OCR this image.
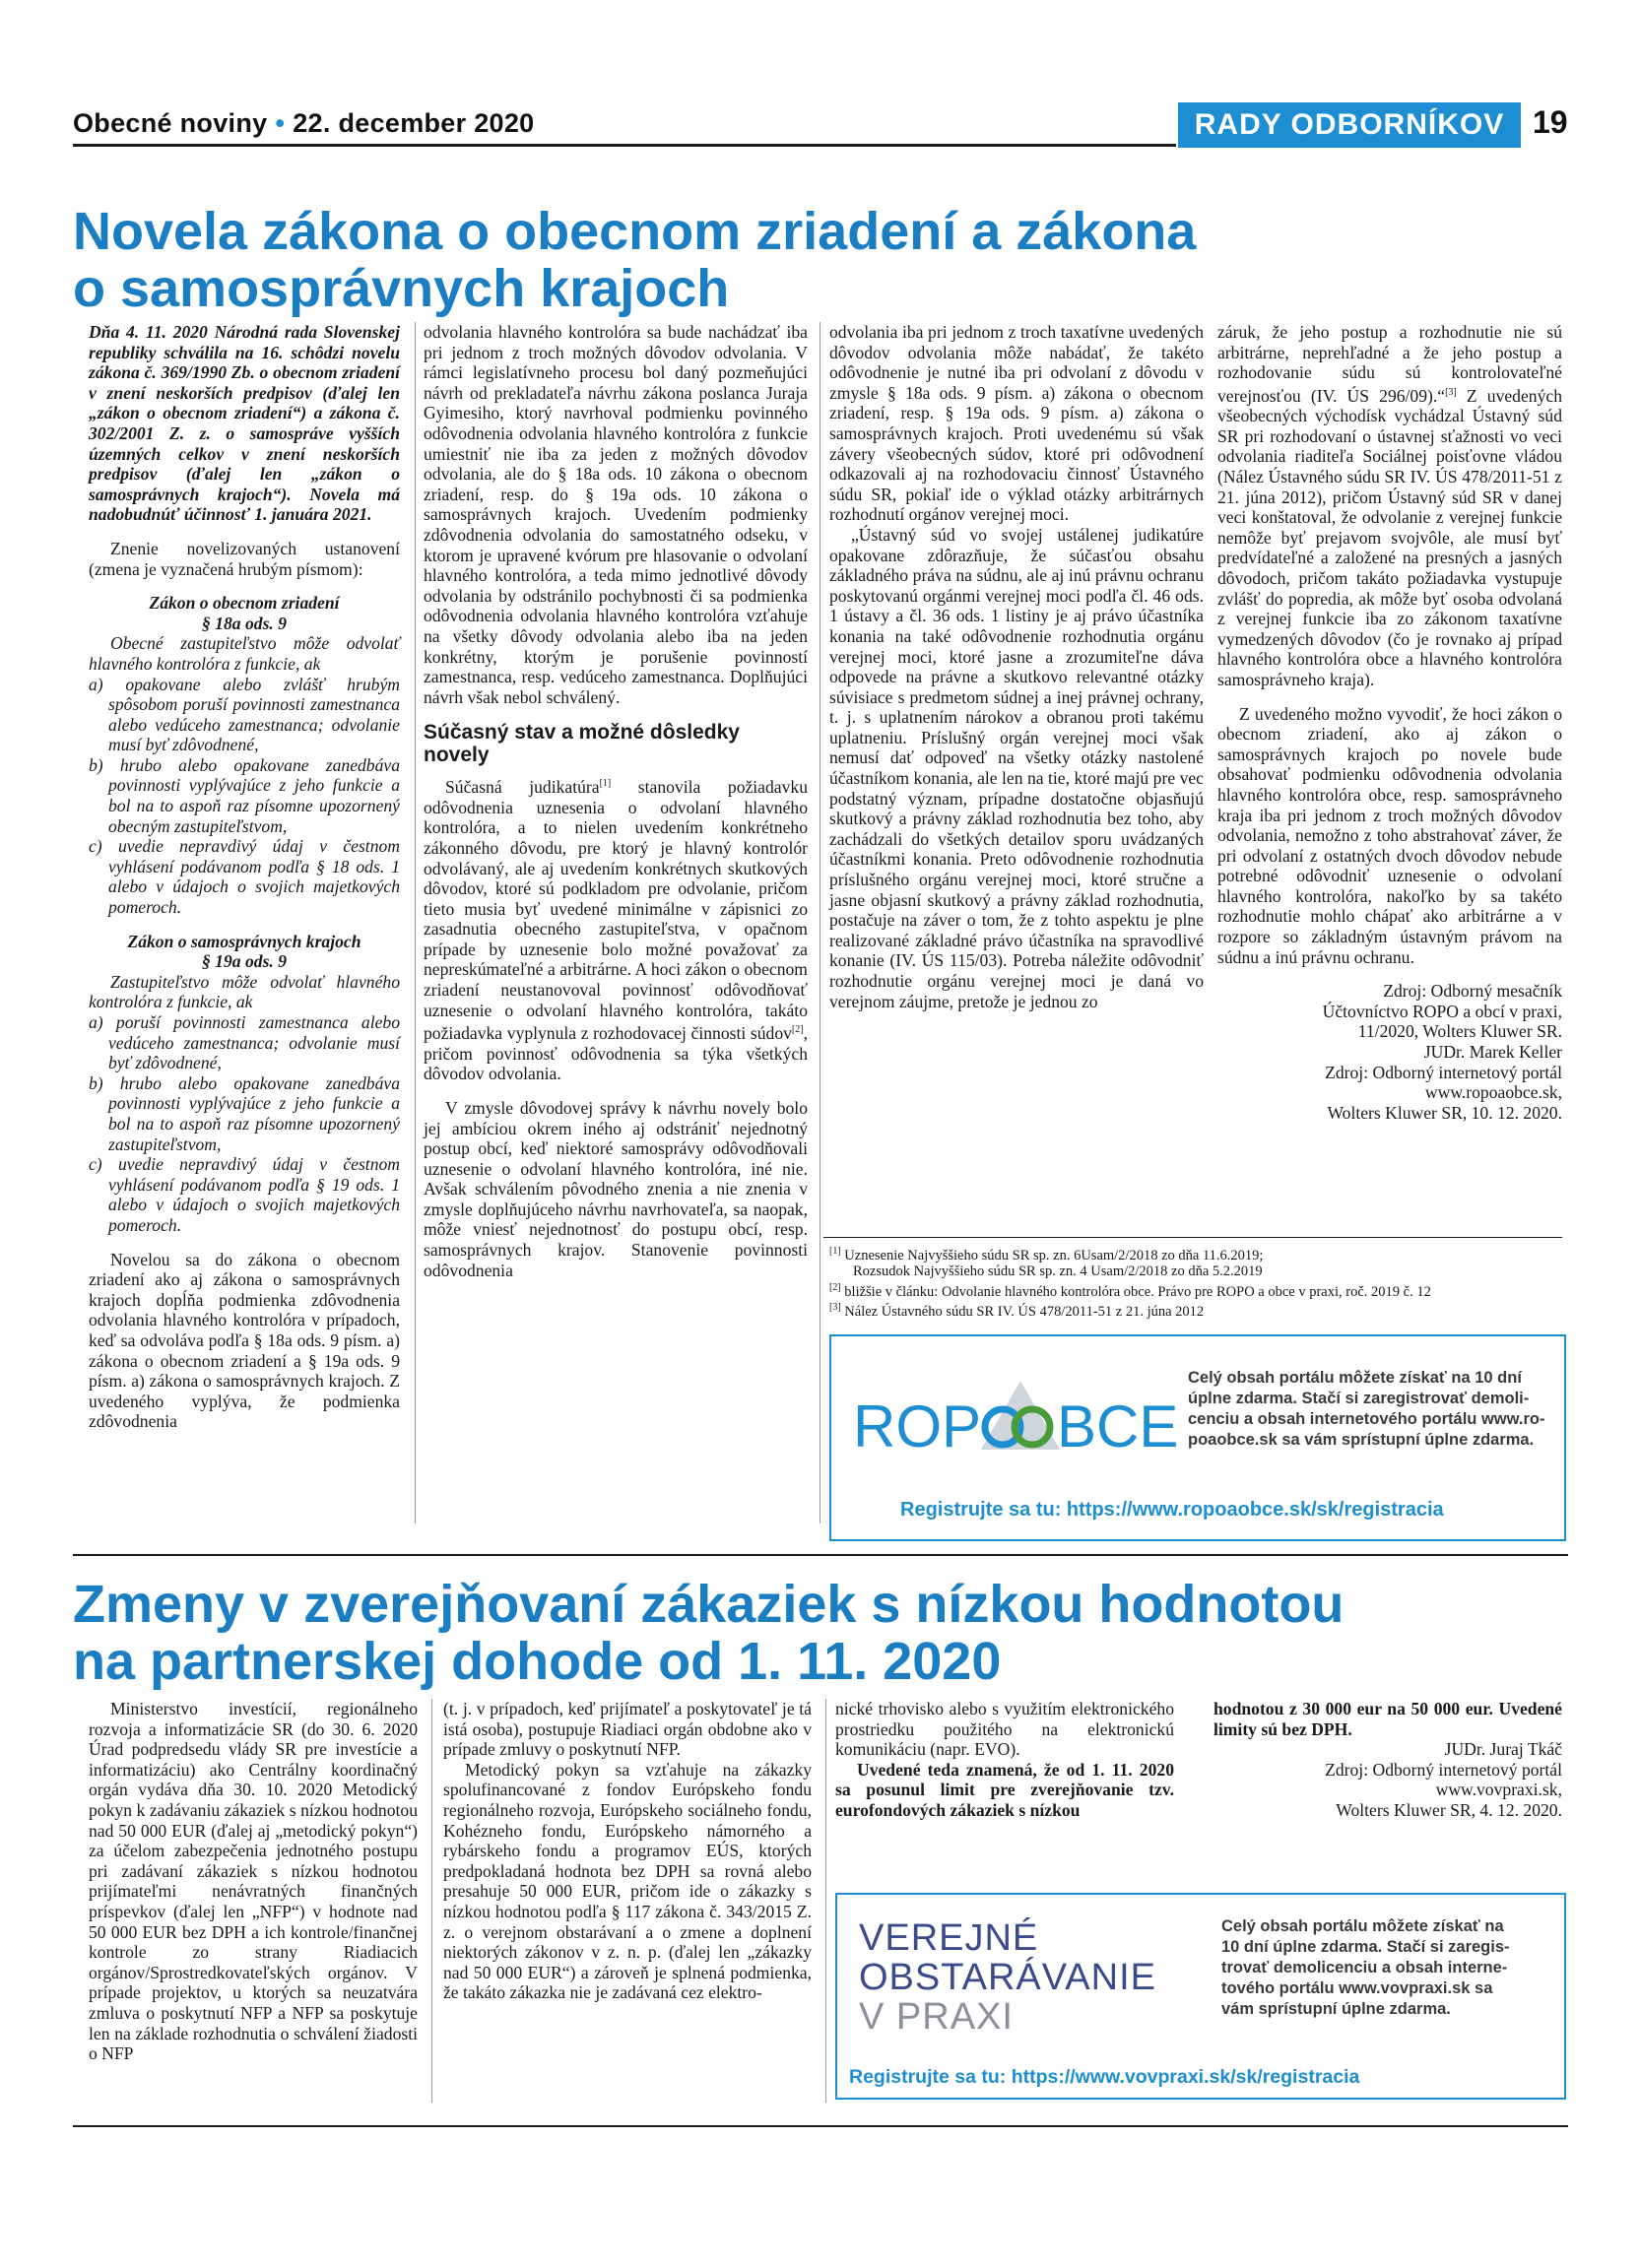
Obecné noviny • 22. december 2020	RADY ODBORNÍKOV 19
Novela zákona o obecnom zriadení a zákona
o samosprávnych krajoch

Dňa 4. 11. 2020 Národná rada Slovenskej republiky schválila na 16. schôdzi novelu zákona č. 369/1990 Zb. o obecnom zriadení v znení neskorších predpisov (ďalej len „zákon o obecnom zriadení“) a zákona č. 302/2001 Z. z. o samospráve vyšších územných celkov v znení neskorších predpisov (ďalej len „zákon o samosprávnych krajoch“). Novela má nadobudnúť účinnosť 1. januára 2021.

Znenie novelizovaných ustanovení (zmena je vyznačená hrubým písmom):

Zákon o obecnom zriadení

§ 18a ods. 9

Obecné zastupiteľstvo môže odvolať hlavného kontrolóra z funkcie, ak

a) opakovane alebo zvlášť hrubým spôsobom poruší povinnosti zamestnanca alebo vedúceho zamestnanca; odvolanie musí byť zdôvodnené,

b) hrubo alebo opakovane zanedbáva povinnosti vyplývajúce z jeho funkcie a bol na to aspoň raz písomne upozornený obecným zastupiteľstvom,

c) uvedie nepravdivý údaj v čestnom vyhlásení podávanom podľa § 18 ods. 1 alebo v údajoch o svojich majetkových pomeroch.

Zákon o samosprávnych krajoch

§ 19a ods. 9

Zastupiteľstvo môže odvolať hlavného kontrolóra z funkcie, ak

a) poruší povinnosti zamestnanca alebo vedúceho zamestnanca; odvolanie musí byť zdôvodnené,

b) hrubo alebo opakovane zanedbáva povinnosti vyplývajúce z jeho funkcie a bol na to aspoň raz písomne upozornený zastupiteľstvom,

c) uvedie nepravdivý údaj v čestnom vyhlásení podávanom podľa § 19 ods. 1 alebo v údajoch o svojich majetkových pomeroch.

Novelou sa do zákona o obecnom zriadení ako aj zákona o samosprávnych krajoch dopĺňa podmienka zdôvodnenia odvolania hlavného kontrolóra v prípadoch, keď sa odvoláva podľa § 18a ods. 9 písm. a) zákona o obecnom zriadení a § 19a ods. 9 písm. a) zákona o samosprávnych krajoch. Z uvedeného vyplýva, že podmienka zdôvodnenia

odvolania hlavného kontrolóra sa bude nachádzať iba pri jednom z troch možných dôvodov odvolania. V rámci legislatívneho procesu bol daný pozmeňujúci návrh od prekladateľa návrhu zákona poslanca Juraja Gyimesiho, ktorý navrhoval podmienku povinného odôvodnenia odvolania hlavného kontrolóra z funkcie umiestniť nie iba za jeden z možných dôvodov odvolania, ale do § 18a ods. 10 zákona o obecnom zriadení, resp. do § 19a ods. 10 zákona o samosprávnych krajoch. Uvedením podmienky zdôvodnenia odvolania do samostatného odseku, v ktorom je upravené kvórum pre hlasovanie o odvolaní hlavného kontrolóra, a teda mimo jednotlivé dôvody odvolania by odstránilo pochybnosti či sa podmienka odôvodnenia odvolania hlavného kontrolóra vzťahuje na všetky dôvody odvolania alebo iba na jeden konkrétny, ktorým je porušenie povinností zamestnanca, resp. vedúceho zamestnanca. Doplňujúci návrh však nebol schválený.

Súčasný stav a možné dôsledky
novely

Súčasná judikatúra[1] stanovila požiadavku odôvodnenia uznesenia o odvolaní hlavného kontrolóra, a to nielen uvedením konkrétneho zákonného dôvodu, pre ktorý je hlavný kontrolór odvolávaný, ale aj uvedením konkrétnych skutkových dôvodov, ktoré sú podkladom pre odvolanie, pričom tieto musia byť uvedené minimálne v zápisnici zo zasadnutia obecného zastupiteľstva, v opačnom prípade by uznesenie bolo možné považovať za nepreskúmateľné a arbitrárne. A hoci zákon o obecnom zriadení neustanovoval povinnosť odôvodňovať uznesenie o odvolaní hlavného kontrolóra, takáto požiadavka vyplynula z rozhodovacej činnosti súdov[2], pričom povinnosť odôvodnenia sa týka všetkých dôvodov odvolania.

V zmysle dôvodovej správy k návrhu novely bolo jej ambíciou okrem iného aj odstrániť nejednotný postup obcí, keď niektoré samosprávy odôvodňovali uznesenie o odvolaní hlavného kontrolóra, iné nie. Avšak schválením pôvodného znenia a nie znenia v zmysle doplňujúceho návrhu navrhovateľa, sa naopak, môže vniesť nejednotnosť do postupu obcí, resp. samosprávnych krajov. Stanovenie povinnosti odôvodnenia

odvolania iba pri jednom z troch taxatívne uvedených dôvodov odvolania môže nabádať, že takéto odôvodnenie je nutné iba pri odvolaní z dôvodu v zmysle § 18a ods. 9 písm. a) zákona o obecnom zriadení, resp. § 19a ods. 9 písm. a) zákona o samosprávnych krajoch. Proti uvedenému sú však závery všeobecných súdov, ktoré pri odôvodnení odkazovali aj na rozhodovaciu činnosť Ústavného súdu SR, pokiaľ ide o výklad otázky arbitrárnych rozhodnutí orgánov verejnej moci.

„Ústavný súd vo svojej ustálenej judikatúre opakovane zdôrazňuje, že súčasťou obsahu základného práva na súdnu, ale aj inú právnu ochranu poskytovanú orgánmi verejnej moci podľa čl. 46 ods. 1 ústavy a čl. 36 ods. 1 listiny je aj právo účastníka konania na také odôvodnenie rozhodnutia orgánu verejnej moci, ktoré jasne a zrozumiteľne dáva odpovede na právne a skutkovo relevantné otázky súvisiace s predmetom súdnej a inej právnej ochrany, t. j. s uplatnením nárokov a obranou proti takému uplatneniu. Príslušný orgán verejnej moci však nemusí dať odpoveď na všetky otázky nastolené účastníkom konania, ale len na tie, ktoré majú pre vec podstatný význam, prípadne dostatočne objasňujú skutkový a právny základ rozhodnutia bez toho, aby zachádzali do všetkých detailov sporu uvádzaných účastníkmi konania. Preto odôvodnenie rozhodnutia príslušného orgánu verejnej moci, ktoré stručne a jasne objasní skutkový a právny základ rozhodnutia, postačuje na záver o tom, že z tohto aspektu je plne realizované základné právo účastníka na spravodlivé konanie (IV. ÚS 115/03). Potreba náležite odôvodniť rozhodnutie orgánu verejnej moci je daná vo verejnom záujme, pretože je jednou zo

záruk, že jeho postup a rozhodnutie nie sú arbitrárne, neprehľadné a že jeho postup a rozhodovanie súdu sú kontrolovateľné verejnosťou (IV. ÚS 296/09).“[3] Z uvedených všeobecných východísk vychádzal Ústavný súd SR pri rozhodovaní o ústavnej sťažnosti vo veci odvolania riaditeľa Sociálnej poisťovne vládou (Nález Ústavného súdu SR IV. ÚS 478/2011-51 z 21. júna 2012), pričom Ústavný súd SR v danej veci konštatoval, že odvolanie z verejnej funkcie nemôže byť prejavom svojvôle, ale musí byť predvídateľné a založené na presných a jasných dôvodoch, pričom takáto požiadavka vystupuje zvlášť do popredia, ak môže byť osoba odvolaná z verejnej funkcie iba zo zákonom taxatívne vymedzených dôvodov (čo je rovnako aj prípad hlavného kontrolóra obce a hlavného kontrolóra samosprávneho kraja).

Z uvedeného možno vyvodiť, že hoci zákon o obecnom zriadení, ako aj zákon o samosprávnych krajoch po novele bude obsahovať podmienku odôvodnenia odvolania hlavného kontrolóra obce, resp. samosprávneho kraja iba pri jednom z troch možných dôvodov odvolania, nemožno z toho abstrahovať záver, že pri odvolaní z ostatných dvoch dôvodov nebude potrebné odôvodniť uznesenie o odvolaní hlavného kontrolóra, nakoľko by sa takéto rozhodnutie mohlo chápať ako arbitrárne a v rozpore so základným ústavným právom na súdnu a inú právnu ochranu.

Zdroj: Odborný mesačník

Účtovníctvo ROPO a obcí v praxi,

11/2020, Wolters Kluwer SR.

JUDr. Marek Keller

Zdroj: Odborný internetový portál

www.ropoaobce.sk,

Wolters Kluwer SR, 10. 12. 2020.

[1] Uznesenie Najvyššieho súdu SR sp. zn. 6Usam/2/2018 zo dňa 11.6.2019;
Rozsudok Najvyššieho súdu SR sp. zn. 4 Usam/2/2018 zo dňa 5.2.2019
[2] bližšie v článku: Odvolanie hlavného kontrolóra obce. Právo pre ROPO a obce v praxi, roč. 2019 č. 12
[3] Nález Ústavného súdu SR IV. ÚS 478/2011-51 z 21. júna 2012
ROP BCE
Celý obsah portálu môžete získať na 10 dní
úplne zdarma. Stačí si zaregistrovať demoli-
cenciu a obsah internetového portálu www.ro-
poaobce.sk sa vám sprístupní úplne zdarma.
Registrujte sa tu: https://www.ropoaobce.sk/sk/registracia
Zmeny v zverejňovaní zákaziek s nízkou hodnotou
na partnerskej dohode od 1. 11. 2020

Ministerstvo investícií, regionálneho rozvoja a informatizácie SR (do 30. 6. 2020 Úrad podpredsedu vlády SR pre investície a informatizáciu) ako Centrálny koordinačný orgán vydáva dňa 30. 10. 2020 Metodický pokyn k zadávaniu zákaziek s nízkou hodnotou nad 50 000 EUR (ďalej aj „metodický pokyn“) za účelom zabezpečenia jednotného postupu pri zadávaní zákaziek s nízkou hodnotou prijímateľmi nenávratných finančných príspevkov (ďalej len „NFP“) v hodnote nad 50 000 EUR bez DPH a ich kontrole/finančnej kontrole zo strany Riadiacich orgánov/Sprostredkovateľských orgánov. V prípade projektov, u ktorých sa neuzatvára zmluva o poskytnutí NFP a NFP sa poskytuje len na základe rozhodnutia o schválení žiadosti o NFP

(t. j. v prípadoch, keď prijímateľ a poskytovateľ je tá istá osoba), postupuje Riadiaci orgán obdobne ako v prípade zmluvy o poskytnutí NFP.

Metodický pokyn sa vzťahuje na zákazky spolufinancované z fondov Európskeho fondu regionálneho rozvoja, Európskeho sociálneho fondu, Kohézneho fondu, Európskeho námorného a rybárskeho fondu a programov EÚS, ktorých predpokladaná hodnota bez DPH sa rovná alebo presahuje 50 000 EUR, pričom ide o zákazky s nízkou hodnotou podľa § 117 zákona č. 343/2015 Z. z. o verejnom obstarávaní a o zmene a doplnení niektorých zákonov v z. n. p. (ďalej len „zákazky nad 50 000 EUR“) a zároveň je splnená podmienka, že takáto zákazka nie je zadávaná cez elektro-

nické trhovisko alebo s využitím elektronického prostriedku použitého na elektronickú komunikáciu (napr. EVO).

Uvedené teda znamená, že od 1. 11. 2020 sa posunul limit pre zverejňovanie tzv. eurofondových zákaziek s nízkou

hodnotou z 30 000 eur na 50 000 eur. Uvedené limity sú bez DPH.

JUDr. Juraj Tkáč

Zdroj: Odborný internetový portál

www.vovpraxi.sk,

Wolters Kluwer SR, 4. 12. 2020.

VEREJNÉ
OBSTARÁVANIE
V PRAXI
Celý obsah portálu môžete získať na
10 dní úplne zdarma. Stačí si zaregis-
trovať demolicenciu a obsah interne-
tového portálu www.vovpraxi.sk sa
vám sprístupní úplne zdarma.
Registrujte sa tu: https://www.vovpraxi.sk/sk/registracia
